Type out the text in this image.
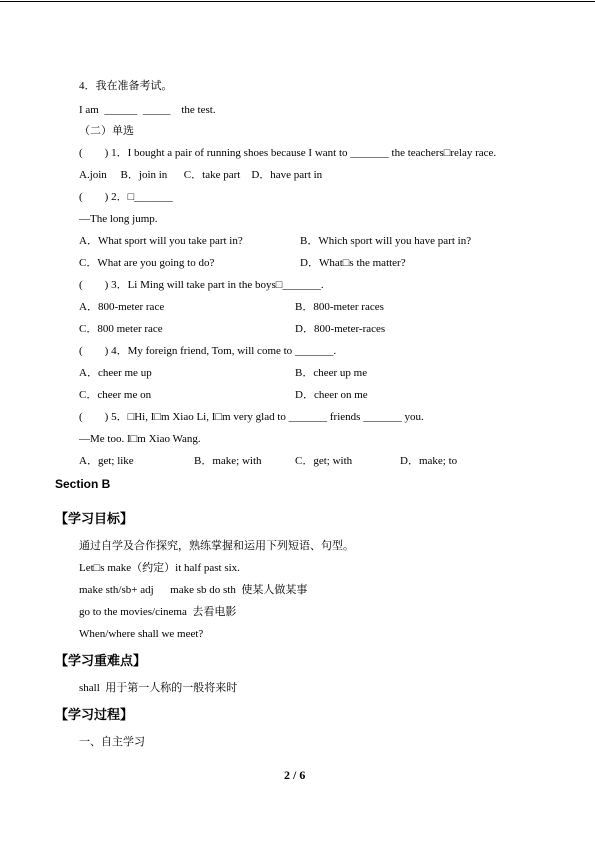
4．我在准备考试。
I am  ______  _____    the test.
（二）单选
(        ) 1．I bought a pair of running shoes because I want to _______ the teachers□relay race.
A.join     B．join in      C．take part    D．have part in
(        ) 2．□_______
—The long jump.
A．What sport will you take part in?	B．Which sport will you have part in?
C．What are you going to do?	D．What□s the matter?
(        ) 3．Li Ming will take part in the boys□_______.
A．800-meter race	B．800-meter races
C．800 meter race	D．800-meter-races
(        ) 4．My foreign friend, Tom, will come to _______.
A．cheer me up	B．cheer up me
C．cheer me on	D．cheer on me
(        ) 5．□Hi, I□m Xiao Li, I□m very glad to _______ friends _______ you.
—Me too. I□m Xiao Wang.
A．get; like	B．make; with	C．get; with	D．make; to
Section B
【学习目标】
通过自学及合作探究，熟练掌握和运用下列短语、句型。
Let□s make（约定）it half past six.
make sth/sb+ adj      make sb do sth  使某人做某事
go to the movies/cinema  去看电影
When/where shall we meet?
【学习重难点】
shall  用于第一人称的一般将来时
【学习过程】
一、自主学习
2 / 6
